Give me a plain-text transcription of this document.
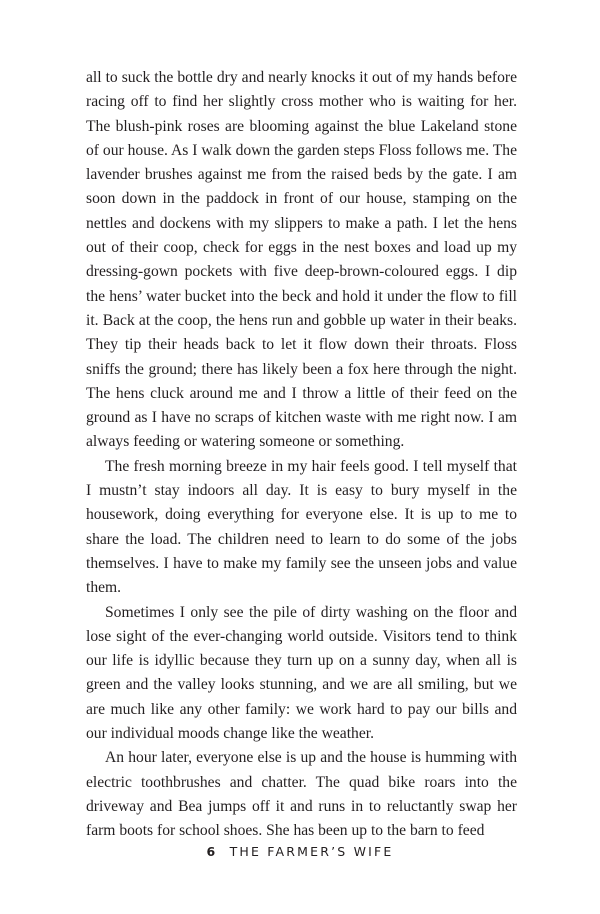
all to suck the bottle dry and nearly knocks it out of my hands before racing off to find her slightly cross mother who is waiting for her. The blush-pink roses are blooming against the blue Lakeland stone of our house. As I walk down the garden steps Floss follows me. The lavender brushes against me from the raised beds by the gate. I am soon down in the paddock in front of our house, stamping on the nettles and dockens with my slippers to make a path. I let the hens out of their coop, check for eggs in the nest boxes and load up my dressing-gown pockets with five deep-brown-coloured eggs. I dip the hens’ water bucket into the beck and hold it under the flow to fill it. Back at the coop, the hens run and gobble up water in their beaks. They tip their heads back to let it flow down their throats. Floss sniffs the ground; there has likely been a fox here through the night. The hens cluck around me and I throw a little of their feed on the ground as I have no scraps of kitchen waste with me right now. I am always feeding or watering someone or something.

The fresh morning breeze in my hair feels good. I tell myself that I mustn’t stay indoors all day. It is easy to bury myself in the housework, doing everything for everyone else. It is up to me to share the load. The children need to learn to do some of the jobs themselves. I have to make my family see the unseen jobs and value them.

Sometimes I only see the pile of dirty washing on the floor and lose sight of the ever-changing world outside. Visitors tend to think our life is idyllic because they turn up on a sunny day, when all is green and the valley looks stunning, and we are all smiling, but we are much like any other family: we work hard to pay our bills and our individual moods change like the weather.

An hour later, everyone else is up and the house is humming with electric toothbrushes and chatter. The quad bike roars into the driveway and Bea jumps off it and runs in to reluctantly swap her farm boots for school shoes. She has been up to the barn to feed

6 THE FARMER’S WIFE
